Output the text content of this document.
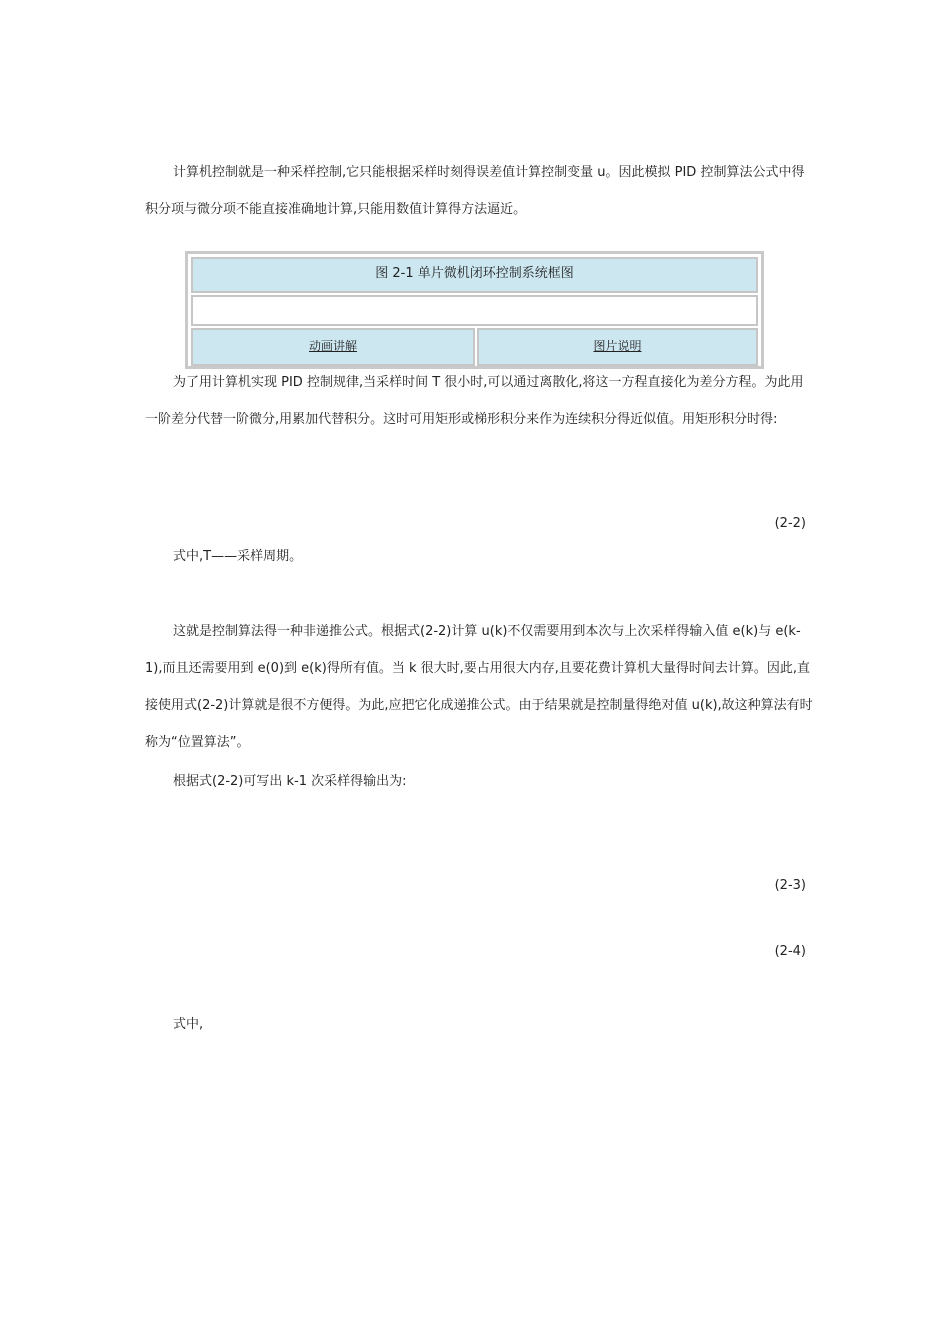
计算机控制就是一种采样控制,它只能根据采样时刻得误差值计算控制变量 u。因此模拟 PID 控制算法公式中得积分项与微分项不能直接准确地计算,只能用数值计算得方法逼近。

图 2-1 单片微机闭环控制系统框图
动画讲解	图片说明

为了用计算机实现 PID 控制规律,当采样时间 T 很小时,可以通过离散化,将这一方程直接化为差分方程。为此用一阶差分代替一阶微分,用累加代替积分。这时可用矩形或梯形积分来作为连续积分得近似值。用矩形积分时得:

(2-2)

式中,T——采样周期。

这就是控制算法得一种非递推公式。根据式(2-2)计算 u(k)不仅需要用到本次与上次采样得输入值 e(k)与 e(k-1),而且还需要用到 e(0)到 e(k)得所有值。当 k 很大时,要占用很大内存,且要花费计算机大量得时间去计算。因此,直接使用式(2-2)计算就是很不方便得。为此,应把它化成递推公式。由于结果就是控制量得绝对值 u(k),故这种算法有时称为“位置算法”。

根据式(2-2)可写出 k-1 次采样得输出为:

(2-3)
(2-4)

式中,
